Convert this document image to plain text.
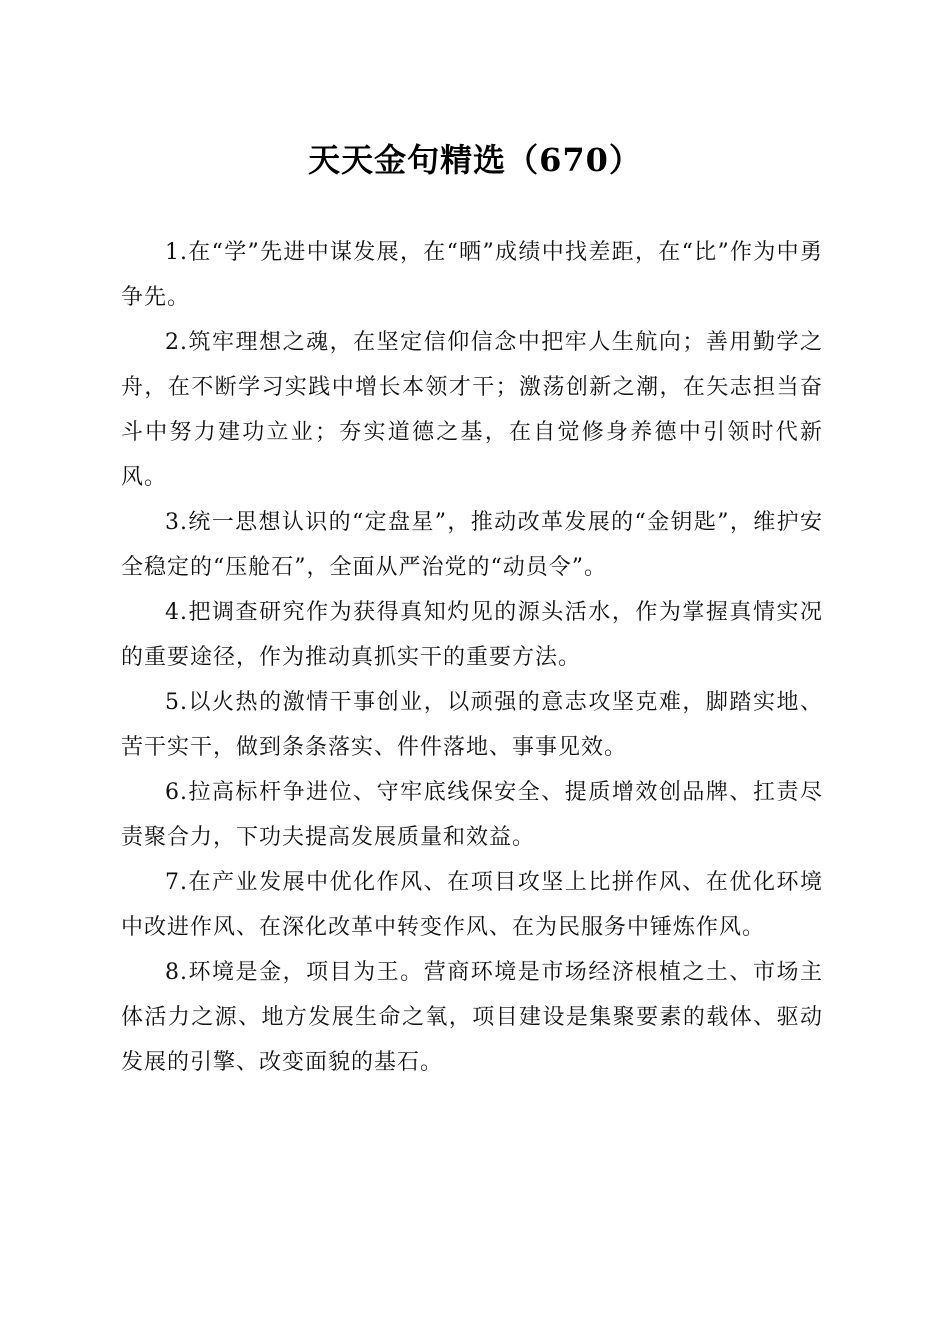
天天金句精选（670）

1.在“学”先进中谋发展，在“晒”成绩中找差距，在“比”作为中勇争先。

2.筑牢理想之魂，在坚定信仰信念中把牢人生航向；善用勤学之舟，在不断学习实践中增长本领才干；激荡创新之潮，在矢志担当奋斗中努力建功立业；夯实道德之基，在自觉修身养德中引领时代新风。

3.统一思想认识的“定盘星”，推动改革发展的“金钥匙”，维护安全稳定的“压舱石”，全面从严治党的“动员令”。

4.把调查研究作为获得真知灼见的源头活水，作为掌握真情实况的重要途径，作为推动真抓实干的重要方法。

5.以火热的激情干事创业，以顽强的意志攻坚克难，脚踏实地、苦干实干，做到条条落实、件件落地、事事见效。

6.拉高标杆争进位、守牢底线保安全、提质增效创品牌、扛责尽责聚合力，下功夫提高发展质量和效益。

7.在产业发展中优化作风、在项目攻坚上比拼作风、在优化环境中改进作风、在深化改革中转变作风、在为民服务中锤炼作风。

8.环境是金，项目为王。营商环境是市场经济根植之土、市场主体活力之源、地方发展生命之氧，项目建设是集聚要素的载体、驱动发展的引擎、改变面貌的基石。
